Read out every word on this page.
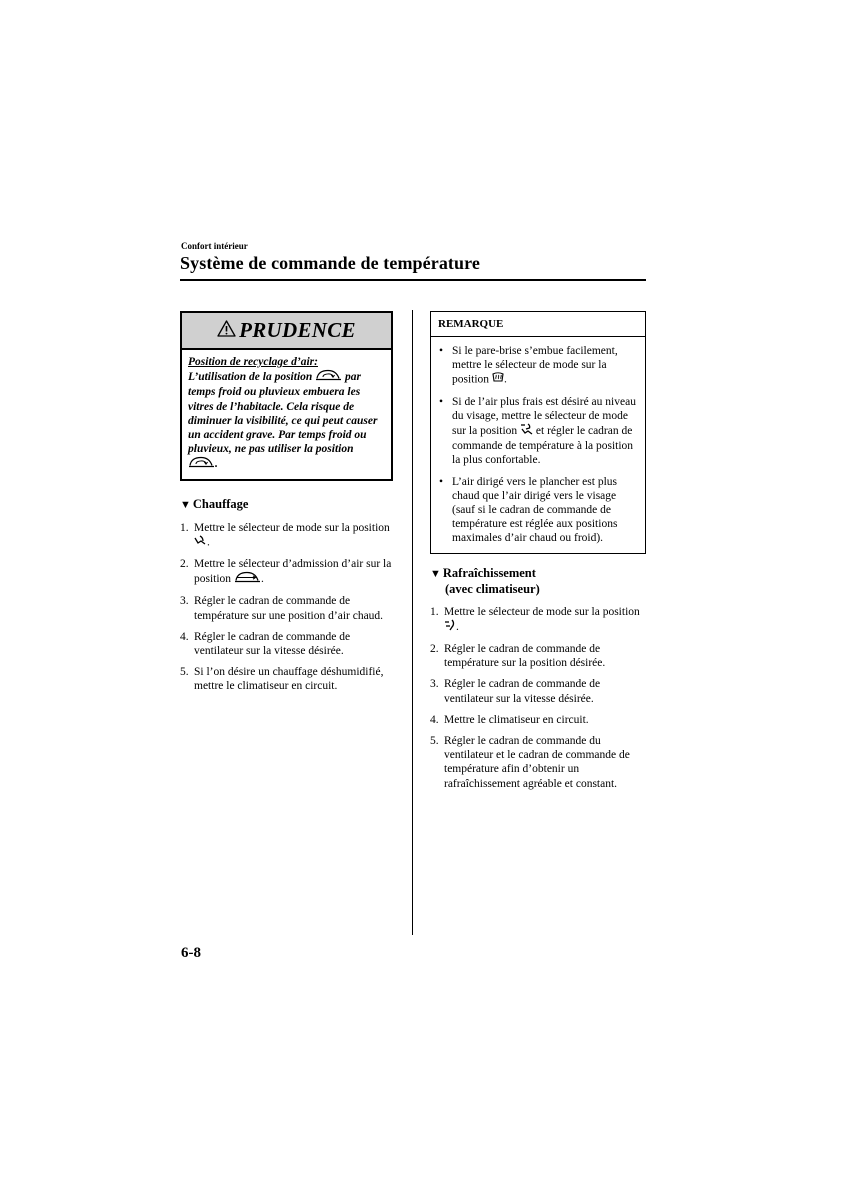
Confort intérieur
Système de commande de température
PRUDENCE
Position de recyclage d’air:
L’utilisation de la position	par temps froid ou pluvieux embuera les vitres de l’habitacle. Cela risque de diminuer la visibilité, ce qui peut causer un accident grave. Par temps froid ou pluvieux, ne pas utiliser la position .
▼ Chauffage
1. Mettre le sélecteur de mode sur la position .
2. Mettre le sélecteur d’admission d’air sur la position	.
3. Régler le cadran de commande de température sur une position d’air chaud.
4. Régler le cadran de commande de ventilateur sur la vitesse désirée.
5. Si l’on désire un chauffage déshumidifié, mettre le climatiseur en circuit.
REMARQUE
• Si le pare-brise s’embue facilement, mettre le sélecteur de mode sur la position .
• Si de l’air plus frais est désiré au niveau du visage, mettre le sélecteur de mode sur la position et régler le cadran de commande de température à la position la plus confortable.
• L’air dirigé vers le plancher est plus chaud que l’air dirigé vers le visage (sauf si le cadran de commande de température est réglée aux positions maximales d’air chaud ou froid).
▼ Rafraîchissement
(avec climatiseur)
1. Mettre le sélecteur de mode sur la position .
2. Régler le cadran de commande de température sur la position désirée.
3. Régler le cadran de commande de ventilateur sur la vitesse désirée.
4. Mettre le climatiseur en circuit.
5. Régler le cadran de commande du ventilateur et le cadran de commande de température afin d’obtenir un rafraîchissement agréable et constant.
6-8
